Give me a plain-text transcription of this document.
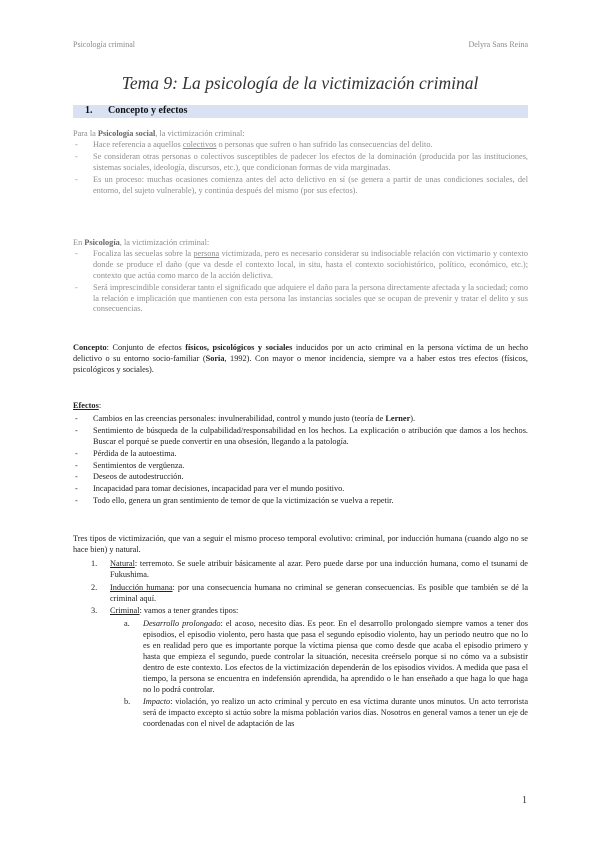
Psicología criminal	Delyra Sans Reina
Tema 9: La psicología de la victimización criminal
1. Concepto y efectos
Para la Psicología social, la victimización criminal:
- Hace referencia a aquellos colectivos o personas que sufren o han sufrido las consecuencias del delito.
- Se consideran otras personas o colectivos susceptibles de padecer los efectos de la dominación (producida por las instituciones, sistemas sociales, ideología, discursos, etc.), que condicionan formas de vida marginadas.
- Es un proceso: muchas ocasiones comienza antes del acto delictivo en sí (se genera a partir de unas condiciones sociales, del entorno, del sujeto vulnerable), y continúa después del mismo (por sus efectos).
En Psicología, la victimización criminal:
- Focaliza las secuelas sobre la persona victimizada, pero es necesario considerar su indisociable relación con victimario y contexto donde se produce el daño (que va desde el contexto local, in situ, hasta el contexto sociohistórico, político, económico, etc.); contexto que actúa como marco de la acción delictiva.
- Será imprescindible considerar tanto el significado que adquiere el daño para la persona directamente afectada y la sociedad; como la relación e implicación que mantienen con esta persona las instancias sociales que se ocupan de prevenir y tratar el delito y sus consecuencias.
Concepto: Conjunto de efectos físicos, psicológicos y sociales inducidos por un acto criminal en la persona víctima de un hecho delictivo o su entorno socio-familiar (Soria, 1992). Con mayor o menor incidencia, siempre va a haber estos tres efectos (físicos, psicológicos y sociales).
Efectos:
- Cambios en las creencias personales: invulnerabilidad, control y mundo justo (teoría de Lerner).
- Sentimiento de búsqueda de la culpabilidad/responsabilidad en los hechos. La explicación o atribución que damos a los hechos. Buscar el porqué se puede convertir en una obsesión, llegando a la patología.
- Pérdida de la autoestima.
- Sentimientos de vergüenza.
- Deseos de autodestrucción.
- Incapacidad para tomar decisiones, incapacidad para ver el mundo positivo.
- Todo ello, genera un gran sentimiento de temor de que la victimización se vuelva a repetir.
Tres tipos de victimización, que van a seguir el mismo proceso temporal evolutivo: criminal, por inducción humana (cuando algo no se hace bien) y natural.
1. Natural: terremoto. Se suele atribuir básicamente al azar. Pero puede darse por una inducción humana, como el tsunami de Fukushima.
2. Inducción humana: por una consecuencia humana no criminal se generan consecuencias. Es posible que también se dé la criminal aquí.
3. Criminal: vamos a tener grandes tipos:
a. Desarrollo prolongado: el acoso, necesito días. Es peor. En el desarrollo prolongado siempre vamos a tener dos episodios, el episodio violento, pero hasta que pasa el segundo episodio violento, hay un periodo neutro que no lo es en realidad pero que es importante porque la víctima piensa que como desde que acaba el episodio primero y hasta que empieza el segundo, puede controlar la situación, necesita creérselo porque si no cómo va a subsistir dentro de este contexto. Los efectos de la victimización dependerán de los episodios vividos. A medida que pasa el tiempo, la persona se encuentra en indefensión aprendida, ha aprendido o le han enseñado a que haga lo que haga no lo podrá controlar.
b. Impacto: violación, yo realizo un acto criminal y percuto en esa víctima durante unos minutos. Un acto terrorista será de impacto excepto si actúo sobre la misma población varios días. Nosotros en general vamos a tener un eje de coordenadas con el nivel de adaptación de las
1
